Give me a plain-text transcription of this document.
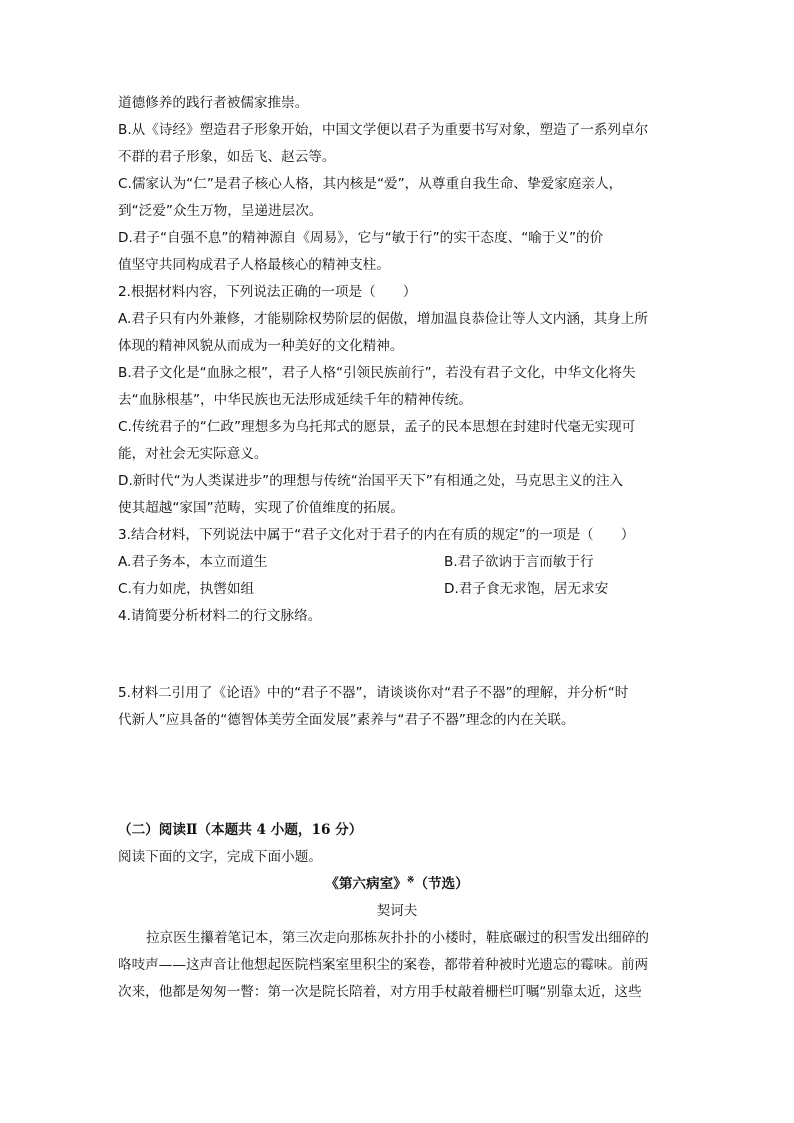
道德修养的践行者被儒家推崇。
B.从《诗经》塑造君子形象开始，中国文学便以君子为重要书写对象，塑造了一系列卓尔
不群的君子形象，如岳飞、赵云等。
C.儒家认为“仁”是君子核心人格，其内核是“爱”，从尊重自我生命、挚爱家庭亲人，
到“泛爱”众生万物，呈递进层次。
D.君子“自强不息”的精神源自《周易》，它与“敏于行”的实干态度、“喻于义”的价
值坚守共同构成君子人格最核心的精神支柱。
2.根据材料内容，下列说法正确的一项是（　　）
A.君子只有内外兼修，才能剔除权势阶层的倨傲，增加温良恭俭让等人文内涵，其身上所
体现的精神风貌从而成为一种美好的文化精神。
B.君子文化是“血脉之根”，君子人格“引领民族前行”，若没有君子文化，中华文化将失
去“血脉根基”，中华民族也无法形成延续千年的精神传统。
C.传统君子的“仁政”理想多为乌托邦式的愿景，孟子的民本思想在封建时代毫无实现可
能，对社会无实际意义。
D.新时代“为人类谋进步”的理想与传统“治国平天下”有相通之处，马克思主义的注入
使其超越“家国”范畴，实现了价值维度的拓展。
3.结合材料，下列说法中属于“君子文化对于君子的内在有质的规定”的一项是（　　）
A.君子务本，本立而道生	B.君子欲讷于言而敏于行
C.有力如虎，执辔如组	D.君子食无求饱，居无求安
4.请简要分析材料二的行文脉络。
5.材料二引用了《论语》中的“君子不器”，请谈谈你对“君子不器”的理解，并分析“时
代新人”应具备的“德智体美劳全面发展”素养与“君子不器”理念的内在关联。
（二）阅读Ⅱ（本题共 4 小题，16 分）
阅读下面的文字，完成下面小题。
《第六病室》※（节选）
契诃夫
拉京医生攥着笔记本，第三次走向那栋灰扑扑的小楼时，鞋底碾过的积雪发出细碎的
咯吱声——这声音让他想起医院档案室里积尘的案卷，都带着种被时光遗忘的霉味。前两
次来，他都是匆匆一瞥：第一次是院长陪着，对方用手杖敲着栅栏叮嘱“别靠太近，这些
